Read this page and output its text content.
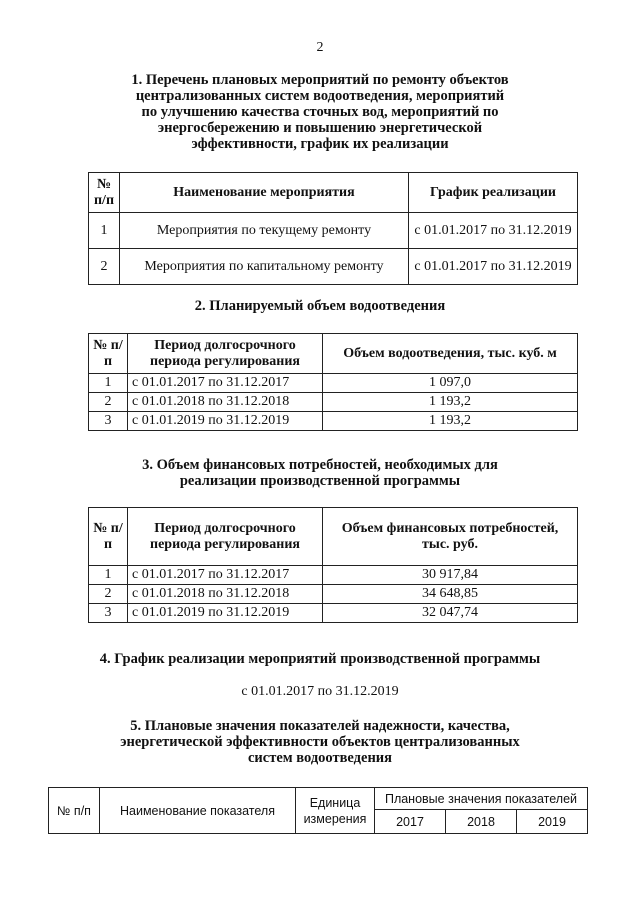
2
1. Перечень плановых мероприятий по ремонту объектов
централизованных систем водоотведения, мероприятий
по улучшению качества сточных вод, мероприятий по
энергосбережению и повышению энергетической
эффективности, график их реализации
№ п/п	Наименование мероприятия	График реализации
1	Мероприятия по текущему ремонту	с 01.01.2017 по 31.12.2019
2	Мероприятия по капитальному ремонту	с 01.01.2017 по 31.12.2019
2. Планируемый объем водоотведения
№ п/п	Период долгосрочного периода регулирования	Объем водоотведения, тыс. куб. м
1	с 01.01.2017 по 31.12.2017	1 097,0
2	с 01.01.2018 по 31.12.2018	1 193,2
3	с 01.01.2019 по 31.12.2019	1 193,2
3. Объем финансовых потребностей, необходимых для
реализации производственной программы
№ п/п	Период долгосрочного периода регулирования	Объем финансовых потребностей, тыс. руб.
1	с 01.01.2017 по 31.12.2017	30 917,84
2	с 01.01.2018 по 31.12.2018	34 648,85
3	с 01.01.2019 по 31.12.2019	32 047,74
4. График реализации мероприятий производственной программы
с 01.01.2017 по 31.12.2019
5. Плановые значения показателей надежности, качества,
энергетической эффективности объектов централизованных
систем водоотведения
№ п/п	Наименование показателя	Единица измерения	Плановые значения показателей		
			2017	2018	2019
